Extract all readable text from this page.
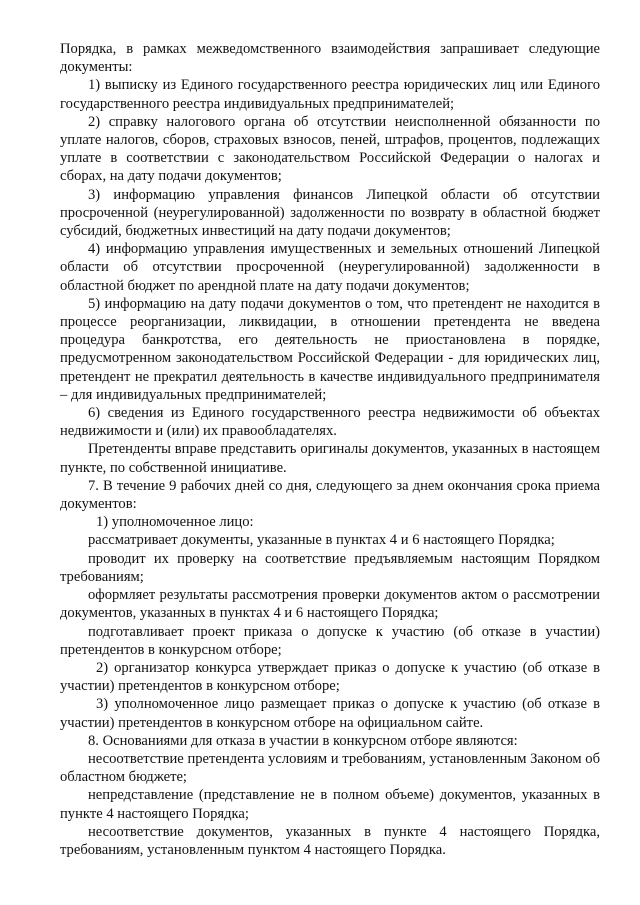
Порядка, в рамках межведомственного взаимодействия запрашивает следующие документы:

1) выписку из Единого государственного реестра юридических лиц или Единого государственного реестра индивидуальных предпринимателей;

2) справку налогового органа об отсутствии неисполненной обязанности по уплате налогов, сборов, страховых взносов, пеней, штрафов, процентов, подлежащих уплате в соответствии с законодательством Российской Федерации о налогах и сборах, на дату подачи документов;

3) информацию управления финансов Липецкой области об отсутствии просроченной (неурегулированной) задолженности по возврату в областной бюджет субсидий, бюджетных инвестиций на дату подачи документов;

4) информацию управления имущественных и земельных отношений Липецкой области об отсутствии просроченной (неурегулированной) задолженности в областной бюджет по арендной плате на дату подачи документов;

5) информацию на дату подачи документов о том, что претендент не находится в процессе реорганизации, ликвидации, в отношении претендента не введена процедура банкротства, его деятельность не приостановлена в порядке, предусмотренном законодательством Российской Федерации - для юридических лиц, претендент не прекратил деятельность в качестве индивидуального предпринимателя – для индивидуальных предпринимателей;

6) сведения из Единого государственного реестра недвижимости об объектах недвижимости и (или) их правообладателях.

Претенденты вправе представить оригиналы документов, указанных в настоящем пункте, по собственной инициативе.

7. В течение 9 рабочих дней со дня, следующего за днем окончания срока приема документов:

1) уполномоченное лицо:

рассматривает документы, указанные в пунктах 4 и 6 настоящего Порядка;

проводит их проверку на соответствие предъявляемым настоящим Порядком требованиям;

оформляет результаты рассмотрения проверки документов актом о рассмотрении документов, указанных в пунктах 4 и 6 настоящего Порядка;

подготавливает проект приказа о допуске к участию (об отказе в участии) претендентов в конкурсном отборе;

2) организатор конкурса утверждает приказ о допуске к участию (об отказе в участии) претендентов в конкурсном отборе;

3) уполномоченное лицо размещает приказ о допуске к участию (об отказе в участии) претендентов в конкурсном отборе на официальном сайте.

8. Основаниями для отказа в участии в конкурсном отборе являются:

несоответствие претендента условиям и требованиям, установленным Законом об областном бюджете;

непредставление (представление не в полном объеме) документов, указанных в пункте 4 настоящего Порядка;

несоответствие документов, указанных в пункте 4 настоящего Порядка, требованиям, установленным пунктом 4 настоящего Порядка.
